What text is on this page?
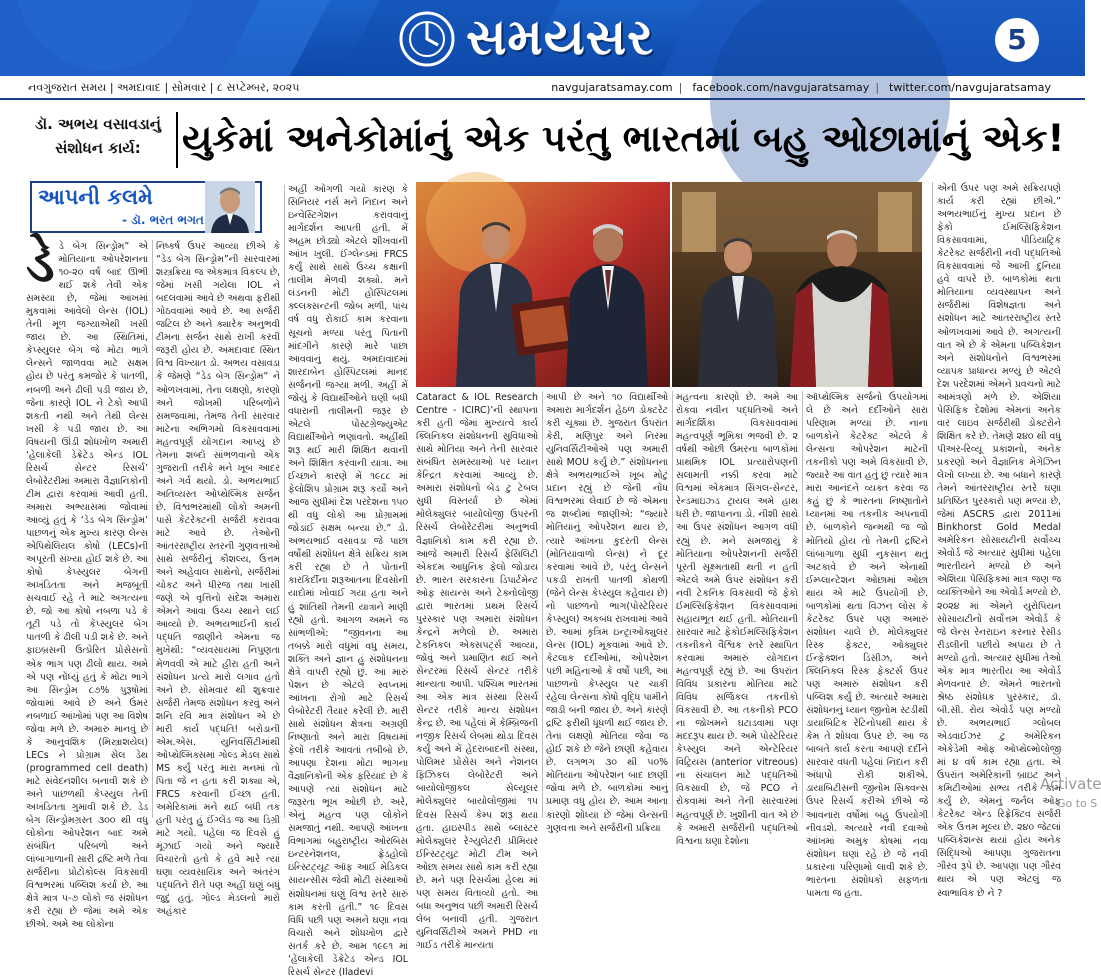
સમયસર	5
નવગુજરાત સમય | અમદાવાદ | સોમવાર | ૮ સપ્ટેમ્બર, ૨૦૨૫	navgujaratsamay.com | facebook.com/navgujaratsamay | twitter.com/navgujaratsamay
ડૉ. અભય વસાવડાનું સંશોધન કાર્ય:	યુકેમાં અનેકોમાંનું એક પરંતુ ભારતમાં બહુ ઓછામાંનું એક!
આપની કલમે
- ડૉ. ભરત ભગત
ડેડે બેગ સિન્ડ્રોમ” એ મોતિયાના ઓપરેશનના ૧૦-૨૦ વર્ષ બાદ ઊભી થઈ શકે તેવી એક સમસ્યા છે, જેમાં આંખમાં મુકવામાં આવેલો લેન્સ (IOL) તેની મૂળ જગ્યાએથી ખસી જાય છે. આ સ્થિતિમાં, કેપ્સ્યુલર બેગ જે મોટા ભાગે લેન્સને જાળવવા માટે સક્ષમ હોય છે પરંતુ કમજોર કે પાતળી, નબળી અને ઢીલી પડી જાય છે, જેના કારણે IOL ને ટેકો આપી શકતી નથી અને તેથી લેન્સ ખસી કે પડી જાય છે. આ વિષયની ઊંડી શોધખોળ અમારી ‘હેલાકેલી ડેક્રેટેડ એન્ડ IOL રિસર્ચ સેન્ટર રિસર્ચ’ લેબોરેટરીમાં અમારા વૈજ્ઞાનિકોની ટીમ દ્વારા કરવામાં આવી હતી. અમારા અભ્યાસમાં જોવામાં આવ્યું હતું કે ‘ડેડ બેગ સિન્ડ્રોમ’ પાછળનું એક મુખ્ય કારણ લેન્સ એપિથેલિયલ કોષો (LECs)ની અપૂરતી સંખ્યા હોઈ શકે છે. આ કોષો કેપ્સ્યુલર બેગની અખંડિતતા અને મજબૂતી સચવાઈ રહે તે માટે અગત્યના છે. જો આ કોષો નબળા પડે કે તૂટી પડે તો કેપ્સ્યુલર બેગ પાતળી કે ઢીલી પડી શકે છે. અને ફાઇબ્રસની ઉત્પ્રેરિત પ્રોસેસનો એક ભાગ પણ ઢીલો થાય. અમે એ પણ નોંધ્યું હતું કે મોટા ભાગે આ સિન્ડ્રોમ ૮૭% પુરૂષોમાં જોવામાં આવે છે અને ઉંમર નબળાઈ આંખોમાં પણ આ વિશેષ જોવા મળે છે. અમારું માનવું છે કે આનુવંશિક (મિસ્ત્રાશયેલ) LECs ને પ્રોગ્રામ સેલ ડેથ (programmed cell death) માટે સંવેદનશીલ બનાવી શકે છે અને પાછળથી કેપ્સ્યુલ તેની અખંડિતતા ગુમાવી શકે છે. ડેડ બેગ સિન્ડ્રોમગ્રસ્ત ૩૦૦ થી વધુ લોકોના ઓપરેશન બાદ અમે સંબંધિત પરિબળો અને લાંબાગાળાની સારી દ્રષ્ટિ મળે તેવા સર્જરીના પ્રોટોકોલ્સ વિકસાવી વિશ્વભરમાં પબ્લિશ કર્યા છે. આ ક્ષેત્રે માત્ર ૫-૭ લોકો જ સંશોધન કરી રહ્યા છે જેમાં અમે એક છીએ. અમે આ લોકોના
નિષ્કર્ષ ઉપર આવ્યા છીએ કે “ડેડ બેગ સિન્ડ્રોમ”ની સારવારમાં શસ્ત્રક્રિયા જ એકમાત્ર વિકલ્પ છે, જેમાં ખસી ગયેલા IOL ને બદલવામાં આવે છે અથવા ફરીથી ગોઠવવામાં આવે છે. આ સર્જરી જટિલ છે અને ક્યારેક અનુભવી ટીમના સર્જન સાથે રાખી કરવી જરૂરી હોય છે. અમદાવાદ સ્થિત વિશ્વ વિખ્યાત ડો. અભય વસાવડા કે જેમણે “ડેડ બેગ સિન્ડ્રોમ” ને ઓળખવામાં, તેના લક્ષણો, કારણો અને જોખમી પરિબળોને સમજવામાં, તેમજ તેની સારવાર માટેના અભિગમો વિકસાવવામાં મહત્વપૂર્ણ યોગદાન આપ્યું છે તેમના શબ્દો સાંભળવાનો એક ગુજરાતી તરીકે મને ખૂબ આદર અને ગર્વ થયો. ડો. અભયભાઈ અતિવ્યસ્ત ઓપ્થેલ્મિક સર્જન છે. વિશ્વભરમાંથી લોકો અમની પાસે કેટરેક્ટની સર્જરી કરાવવા માટે આવે છે. તેઓની આંતરરાષ્ટ્રીય સ્તરની ગુણવત્તાઓ સાથે સર્જરીનું કૌશલ્ય, ઉત્તમ અને અહેવાલ સાથેનો, સર્જરીમાં ચોકટ અને ધીરજ તથા ખાસી જણે એ વૃત્તિનો સંદેશ અમારા એમને આવા ઉચ્ચ સ્થાને લઈ આવ્યો છે. અભયભાઈની કાર્ય પદ્ધતિ જાણીને એમના જ મુખેથી: “વ્યવસાયમાં નિપુણતા મેળવવી એ માટે હીરા હતી અને સંશોધન પ્રત્યે મારો લગાવ હતો અને છે. સોમવાર થી શુક્રવાર સર્જરી તેમજ સંશોધન કરવું અને શનિ રવિ માત્ર સંશોધન એ છે મારી કાર્ય પદ્ધતિ! બરોડાની એમ.એસ. યુનિવર્સિટીમાંથી ઓપ્થેલ્મિક્સમાં ગોલ્ડ મેડલ સાથે MS કર્યું પરંતુ મારા મનમાં તો પિતા જે ન હતા કરી શક્યા એ, FRCS કરવાની ઈચ્છા હતી. અમેરિકામાં મને થઈ બધી તક હતી પરંતુ હું ઈંગ્લેંડ જ આ ડિગ્રી માટે ગયો. પહેલા જ દિવસે હું મૂંઝાઈ ગયો અને જ્યારે વિચારતો હતો કે હવે મારે ત્યાં ઘણા વ્યવસાયિક અને અંતરંગ પદ્ધતિને રીતે પણ અહીં ઘણું બધું જુદું હતું. ગોલ્ડ મેડલનો મારો અહંકાર
અહીં ઓગળી ગયો કારણ કે સિનિયર નર્સ મને નિદાન અને ઇન્વેસ્ટિગેશન કરાવવાનું માર્ગદર્શન આપતી હતી. મેં અહમ છોડ્યો એટલે શીખવાની આંખ ખુલી. ઈંગ્લેન્ડમાં FRCS કર્યું સાથે સાથે ઉચ્ચ કક્ષાની તાલીમ મેળવી શક્યો. મને લંડનની મોટી હોસ્પિટલમાં ક્લ્લક્સન્ટની જોબ મળી, પાંચ વર્ષ વધુ રોકાઈ કામ કરવાના સૂચનો મળ્યા પરંતુ પિતાની માંદગીને કારણે મારે પાછા આવવાનું થયું. અમદાવાદમાં શારદાબેન હોસ્પિટલમાં માનદ સર્જનની જગ્યા મળી. અહીં મેં જોયું કે વિદ્યાર્થીઓને ઘણી બધી વધારાની તાલીમની જરૂર છે એટલે પોસ્ટગ્રેજ્યુએટ વિદ્યાર્થીઓને ભણાવતો. અહીંથી શરૂ થઈ મારી શિક્ષિત થવાની અને શિક્ષિત કરવાની યાત્રા. આ ઈચ્છાને કારણે મેં ૧૯૮૮ માં ફેલોશિપ પ્રોગ્રામ શરૂ કર્યો અને આજ સુધીમાં દેશ પરદેશના ૧૫૦ થી વધુ લોકો આ પ્રોગ્રામમાં જોડાઈ સક્ષમ બન્યા છે.” ડો. અભયભાઈ વસાવડા જે પાછા વર્ષોથી સંશોધન ક્ષેત્રે સક્રિય કામ કરી રહ્યા છે તે પોતાની કારકિર્દીના શરૂઆતના દિવસોની યાદોમાં ખોવાઈ ગયા હતા અને હું શાંતિથી તેમની યાત્રાને માણી રહ્યો હતો. આગળ અમને જ સાંભળીએ: “જીવનના આ તબક્કે મારો વધુમાં વધુ સમય, શક્તિ અને જ્ઞાન હું સંશોધનના ક્ષેત્રે વાપરી રહ્યો છું. આ મારું પેશન છે એટલે સ્વપ્નમાં આંખના રોગો માટે રિસર્ચ લેબોરેટરી તૈયાર કરેલી છે. મારી સાથે સંશોધન ક્ષેત્રના અગ્રણી નિષ્ણાતો અને મારા વિષયમાં ફેલો તરીકે આવતાં તબીબો છે. આપણા દેશના મોટા ભાગના વૈજ્ઞાનિકોની એક ફરિયાદ છે કે આપણે ત્યાં સંશોધન માટે જરૂરતા ભૂખ ઓછી છે. અરે, એનું મહત્વ પણ લોકોને સમજાતું નથી. આપણે આંખના વિભાગમાં બહુરાષ્ટ્રીય ઓરબિસ ઇન્ટરનેશનલ, ફ્રેડહોલો ઇન્સ્ટિટ્યૂટ ઑફ આઈ મેડિકલ સાયન્સીસ જેવી મોટી સંસ્થાઓ સંશોધનમાં ઘણું વિશ્વ સ્તરે સારું કામ કરતી હતી.” ૧૯ દિવસ વિધિ પછી પણ અમને ઘણા નવા વિચારો અને શોધખોળ દ્વારે સતર્ક કરે છે. આમ ૧૯૯૧ માં ‘હેલાકેલી ડેક્રેટેડ એન્ડ IOL રિસર્ચ સેન્ટર (Iladevi
Cataract & IOL Research Centre - ICIRC)’ની સ્થાપના કરી હતી જેમાં મુખ્યત્વે કાર્ય ક્લિનિકલ સંશોધનની સુવિધાઓ સાથે મોતિયા અને તેની સારવાર સંબંધિત સમસ્યાઓ પર ધ્યાન કેન્દ્રિત કરવામાં આવ્યું છે. અમારા સંશોધનો બેડ ટુ ટેબલ સુધી વિસ્તર્યાં છે એમાં મોલેક્યુલર બાયોલોજી ઉપરની રિસર્ચ લેબોરેટરીમાં અનુભવી વૈજ્ઞાનિકો કામ કરી રહ્યા છે. આજે અમારી રિસર્ચ ફેસિલિટી એકદમ આધુનિક ફેલો જોડાય છે. ભારત સરકારના ડિપાર્ટમેન્ટ ઓફ સાયન્સ અને ટેક્નોલોજી દ્વારા ભારતમાં પ્રથમ રિસર્ચ પુરસ્કાર પણ અમારા સંશોધન કેન્દ્રને મળેલો છે. અમારા ટેકનિકલ એક્સપર્ટ્સ આવ્યા, જોવું અને પ્રમાણિત થઈ અને સેન્ટરમાં રિસર્ચ સેન્ટર તરીકે માન્યતા આપી. પશ્ચિમ ભારતમાં આ એક માત્ર સંસ્થા રિસર્ચ સેન્ટર તરીકે માન્ય સંશોધન કેન્દ્ર છે. આ પહેલાં મેં કેમ્બ્રિજની નજીક રિસર્ચ લેબમાં થોડા દિવસ કર્યું અને મેં હેદરાબાદની સંસ્થા, પોલિમર પ્રોસેસ અને નેશનલ ફિઝિકલ લેબોરેટરી અને બાયોલોજીકલ સેલ્યૂલર મોલેક્યુલર બાયોલોજીમાં ૧૫ દિવસ રિસર્ચ કેમ્પ શરૂ થયા હતા. હાઇસ્પીડ સાથે બ્લાસ્ટર મોલેક્યુલર રેગ્યુલેટરી પ્રીમિયર ઈન્સ્ટિટ્યુટ મોટી ટીમ અને ઓછા સમય સાથે કામ કરી રહ્યા છે. મને પણ રિસર્ચમાં હેલ્થ માં પણ સમય વિતાવ્યો હતો. આ બધા અનુભવ પછી અમારી રિસર્ચ લેબ બનાવી હતી. ગુજરાત યુનિવર્સિટીએ અમને PHD ના ગાઈડ તરીકે માન્યતા
આપી છે અને ૧૦ વિદ્યાર્થીઓ અમારા માર્ગદર્શન હેઠળ ડોક્ટરેટ કરી ચૂક્યા છે. ગુજરાત ઉપરાંત કેરી, મણિપુર અને નિરમા યુનિવર્સિટીઓએ પણ અમારી સાથે MOU કર્યું છે.” સંશોધનના ક્ષેત્રે અભયભાઈએ ખૂબ મોટું પ્રદાન રહ્યું છે જેની નોંધ વિશ્વભરમાં લેવાઈ છે જે એમના જ શબ્દોમાં જાણીએ: “જ્યારે મોતિયાનું ઓપરેશન થાય છે, ત્યારે આંખના કુદરતી લેન્સ (મોતિયાવાળો લેન્સ) ને દૂર કરવામાં આવે છે, પરંતુ લેન્સને પકડી રાખતી પાતળી કોથળી (જેને લેન્સ કેપ્સ્યુલ કહેવાય છે) નો પાછળનો ભાગ(પોસ્ટેરિયર કેપ્સ્યુલ) અકબંધ રાખવામાં આવે છે. આમાં કૃત્રિમ ઇન્ટ્રાઓક્યુલર લેન્સ (IOL) મૂકવામાં આવે છે. કેટલાક દર્દીઓમાં, ઓપરેશન પછી મહિનાઓ કે વર્ષો પછી, આ પાછળનો કેપ્સ્યુલ પર ચાકી રહેલા લેન્સના કોષો વૃદ્ધિ પામીને જાડી બની જાય છે. અને કારણે દ્રષ્ટિ ફરીથી ધૂંધળી થઈ જાય છે. તેના લક્ષણો મોતિયા જેવા જ હોઈ શકે છે જેને છાણી કહેવાય છે. લગભગ ૩૦ થી ૫૦% મોતિયાના ઓપરેશન બાદ છાણી જોવા મળે છે. બાળકોમાં આનું પ્રમાણ વધુ હોય છે. આમ આના કારણો શોધ્યા છે જેમાં લેન્સની ગુણવત્તા અને સર્જરીની પ્રક્રિયા
મહત્વના કારણો છે. અમે આ રોકવા નવીન પદ્ધતિઓ અને માર્ગદર્શિકા વિકસાવવામાં મહત્વપૂર્ણ ભૂમિકા ભજવી છે. ૨ વર્ષથી ઓછી ઉંમરના બાળકોમાં પ્રાથમિક IOL પ્રત્યારોપણની સલામતી નક્કી કરવા માટે વિશ્વમાં એકમાત્ર સિંગલ-સેન્ટર, રેન્ડમાઇઝ્ડ ટ્રાયલ અમે હાથ ધરી છે. જાપાનના ડો. નીશી સાથે આ ઉપર સંશોધન આગળ વધી રહ્યું છે. મને સમજાયું કે મોતિયાના ઓપરેશનની સર્જરી પૂરતી સૂક્ષ્મતાથી થતી ન હતી એટલે અમે ઉપર સંશોધન કરી નવી ટેકનિક વિકસાવી જે ફેકો ઈમલ્સિફિકેશન વિકસાવવામાં સહાયભૂત થઈ હતી. મોતિયાની સારવાર માટે ફેકોઈમલ્સિફિકેશન તકનીકને વૈશ્વિક સ્તરે સ્થાપિત કરવામાં અમારું યોગદાન મહત્વપૂર્ણ રહ્યું છે. આ ઉપરાંત વિવિધ પ્રકારના મોતિયા માટે વિવિધ સર્જિકલ તકનીકો વિકસાવી છે. આ તકનીકો PCO ના જોખમને ઘટાડવામાં પણ મદદરૂપ થાય છે. અમે પોસ્ટેરિયર કેપ્સ્યુલ અને એન્ટેરિયર વિટ્રિયસ (anterior vitreous) ના સંચાલન માટે પદ્ધતિઓ વિકસાવી છે, જે PCO ને રોકવામાં અને તેની સારવારમાં મહત્વપૂર્ણ છે. ખુશીની વાત એ છે કે અમારી સર્જરીની પદ્ધતિઓ વિશ્વના ઘણા દેશોના
ઑપ્થેલ્મિક સર્જનો ઉપયોગમાં લે છે અને દર્દીઓને સારા પરિણામ મળ્યાં છે. નાના બાળકોને કેટરેક્ટ એટલે કે લેન્સના ઓપરેશન માટેની તકનીકો પણ અમે વિકસાવી છે. જ્યારે આ વાત હતું છું ત્યારે માત્ર મારા આનંદને વ્યક્ત કરવા જ કહું છું કે ભારતના નિષ્ણાતોને ધ્યાનમાં આ તકનીક અપનાવી છે. બાળકોને જન્મથી જ જો મોતિયો હોય તો તેમની દ્રષ્ટિને લાંબાગાળા સુધી નુકસાન થતું અટકાવે છે અને એનાથી ઈમ્પ્લાન્ટેશન ઓછામાં ઓછા થાય એ માટે ઉપયોગી છે. બાળકોમાં થતાં વિઝન લોસ કે કેટરેક્ટ ઉપર પણ અમારું સંશોધન ચાલે છે. મોલેક્યુલર રિસ્ક ફેક્ટર, ઓક્યુલર ઈન્ફેક્શન ડિસીઝ, અને ક્લિનિકલ રિસ્ક ફેક્ટર્સ ઉપર પણ અમારું સંશોધન કરી પબ્લિશ કર્યું છે. અત્યારે અમારા સંશોધનનું ધ્યાન જીનોમ સ્ટડીથી ડાયાબિટિક રેટિનોપથી થાય કે કેમ તે શોધવા ઉપર છે. આ જ બાબતે કાર્ય કરતા આપણે દર્દીને સારવાર વધતી પહેલાં નિદાન કરી અંધાપો રોકી શકીએ. ડાયાબિટીસની જીનોમ સિક્વન્સ ઉપર રિસર્ચ કરીએ છીએ જે આવનારા વર્ષોમાં બહુ ઉપયોગી નીવડશે. અત્યારે નવી દવાઓ આંખમાં અમુક કોષમાં નવા સંશોધન ઘણાં રહે છે જે નવી પ્રકારના પરિણામો લાવી શકે છે. ભારતના સંશોધકો સફળતા પામતા જ હતા.
એની ઉપર પણ અમે સક્રિયપણે કાર્ય કરી રહ્યાં છીએ.” અભયભાઈનું મુખ્ય પ્રદાન છે ફેકો ઈમલ્સિફિકેશન વિકસાવવામાં, પીડિયાટ્રિક કેટરેક્ટ સર્જરીની નવી પદ્ધતિઓ વિકસાવવામાં જે આખી દુનિયા હવે વાપરે છે. બાળકોમાં થતા મોતિયાના વ્યવસ્થાપન અને સર્જરીમાં વિશેષજ્ઞતા અને સંશોધન માટે આંતરરાષ્ટ્રીય સ્તરે ઓળખવામાં આવે છે. અગત્યની વાત એ છે કે એમના પબ્લિકેશન અને સંશોધનોને વિશ્વભરમાં વ્યાપક પ્રાધાન્ય મળ્યું છે એટલે દેશ પરદેશમાં એમને પ્રવચનો માટે આમંત્રણો મળે છે. એશિયા પેસિફિક દેશોમાં એમનાં અનેક વાર લાઇવ સર્જરીથી ડોક્ટરોને શિક્ષિત કરે છે. તેમણે ૨૪૦ થી વધુ પીઅર-રિવ્યૂ પ્રકાશનો, અનેક પ્રકરણો અને વૈજ્ઞાનિક મેગેઝિન લેખો લખ્યા છે. આ બધાને કારણે તેમને આંતરરાષ્ટ્રીય સ્તરે ઘણા પ્રતિષ્ઠિત પુરસ્કારો પણ મળ્યા છે, જેમાં ASCRS દ્વારા 2011માં Binkhorst Gold Medal અમેરિકન સોસાયટીની સર્વોચ્ચ એવોર્ડ જે અત્યાર સુધીમાં પહેલા ભારતીયને મળ્યો છે અને એશિયા પેસિફિકમાં માત્ર જણ જ વ્યક્તિઓને આ એવોર્ડ મળ્યો છે. ૨૦૨૪ માં એમને યુરોપિયન સોસાયટીનો સર્વોત્તમ એવોર્ડ કે જે લેન્સ રેનરાઇન કરનાર રેસીડ રીડલીની પછીયે અપાય છે તે મળ્યો હતો. અત્યાર સુધીમાં તેઓ એક માત્ર ભારતીય આ એવોર્ડ મેળવનાર છે. એમને ભારતનો શ્રેષ્ઠ સંશોધક પુરસ્કાર, ડૉ. બી.સી. રોય એવોર્ડ પણ મળ્યો છે. અભયભાઈ ગ્લોબલ એડવાઈઝર ટુ અમેરિકન એકેડેમી ઓફ ઓપ્થેલ્મોલોજી માં ૪ વર્ષ કામ રહ્યા હતા. એ ઉપરાંત અમેરિકાની બ્રાઇટ અને કમિટીઓમાં સભ્ય તરીકે કામ કર્યું છે. એમનું જર્નલ ઓફ કેટરેક્ટ એન્ડ રિફ્રેક્ટિવ સર્જરી એક ઉત્તમ મૂલ્ય છે. ૨૪૦ જેટલાં પબ્લિકેશન્સ થયાં હોય અનેક સિદ્ધિઓ આપણા ગુજરાતના ગૌરવ રૂપે છે. આપણા પણ ગૌરવ થાય એ પણ એટલું જ સ્વાભાવિક છે ને ?
Activate
Go to S
